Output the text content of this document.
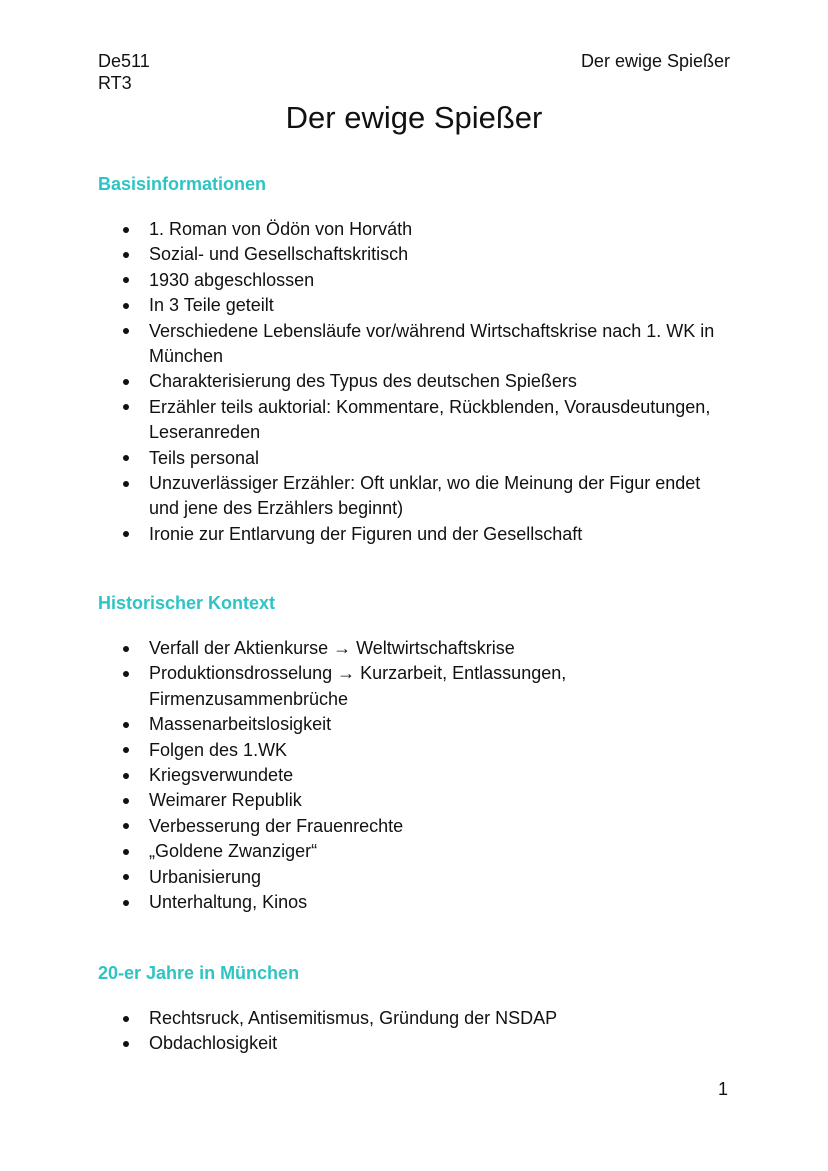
De511
RT3
Der ewige Spießer
Der ewige Spießer
Basisinformationen
1. Roman von Ödön von Horváth
Sozial- und Gesellschaftskritisch
1930 abgeschlossen
In 3 Teile geteilt
Verschiedene Lebensläufe vor/während Wirtschaftskrise nach 1. WK in München
Charakterisierung des Typus des deutschen Spießers
Erzähler teils auktorial: Kommentare, Rückblenden, Vorausdeutungen, Leseranreden
Teils personal
Unzuverlässiger Erzähler: Oft unklar, wo die Meinung der Figur endet und jene des Erzählers beginnt)
Ironie zur Entlarvung der Figuren und der Gesellschaft
Historischer Kontext
Verfall der Aktienkurse → Weltwirtschaftskrise
Produktionsdrosselung → Kurzarbeit, Entlassungen, Firmenzusammenbrüche
Massenarbeitslosigkeit
Folgen des 1.WK
Kriegsverwundete
Weimarer Republik
Verbesserung der Frauenrechte
„Goldene Zwanziger“
Urbanisierung
Unterhaltung, Kinos
20-er Jahre in München
Rechtsruck, Antisemitismus, Gründung der NSDAP
Obdachlosigkeit
1
